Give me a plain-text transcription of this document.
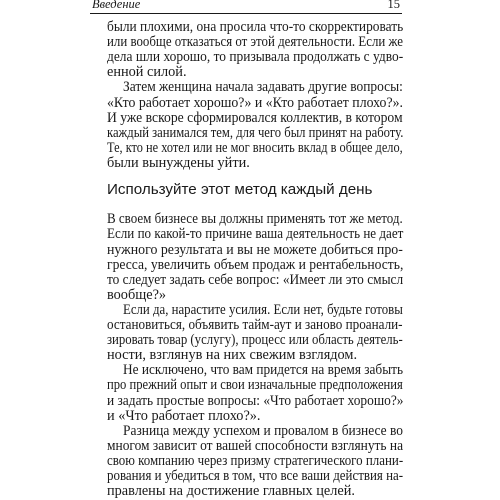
Введение	15
были плохими, она просила что-то скорректировать
или вообще отказаться от этой деятельности. Если же
дела шли хорошо, то призывала продолжать с удво-
енной силой.
Затем женщина начала задавать другие вопросы:
«Кто работает хорошо?» и «Кто работает плохо?».
И уже вскоре сформировался коллектив, в котором
каждый занимался тем, для чего был принят на работу.
Те, кто не хотел или не мог вносить вклад в общее дело,
были вынуждены уйти.
Используйте этот метод каждый день
В своем бизнесе вы должны применять тот же метод.
Если по какой-то причине ваша деятельность не дает
нужного результата и вы не можете добиться про-
гресса, увеличить объем продаж и рентабельность,
то следует задать себе вопрос: «Имеет ли это смысл
вообще?»
Если да, нарастите усилия. Если нет, будьте готовы
остановиться, объявить тайм-аут и заново проанали-
зировать товар (услугу), процесс или область деятель-
ности, взглянув на них свежим взглядом.
Не исключено, что вам придется на время забыть
про прежний опыт и свои изначальные предположения
и задать простые вопросы: «Что работает хорошо?»
и «Что работает плохо?».
Разница между успехом и провалом в бизнесе во
многом зависит от вашей способности взглянуть на
свою компанию через призму стратегического плани-
рования и убедиться в том, что все ваши действия на-
правлены на достижение главных целей.
